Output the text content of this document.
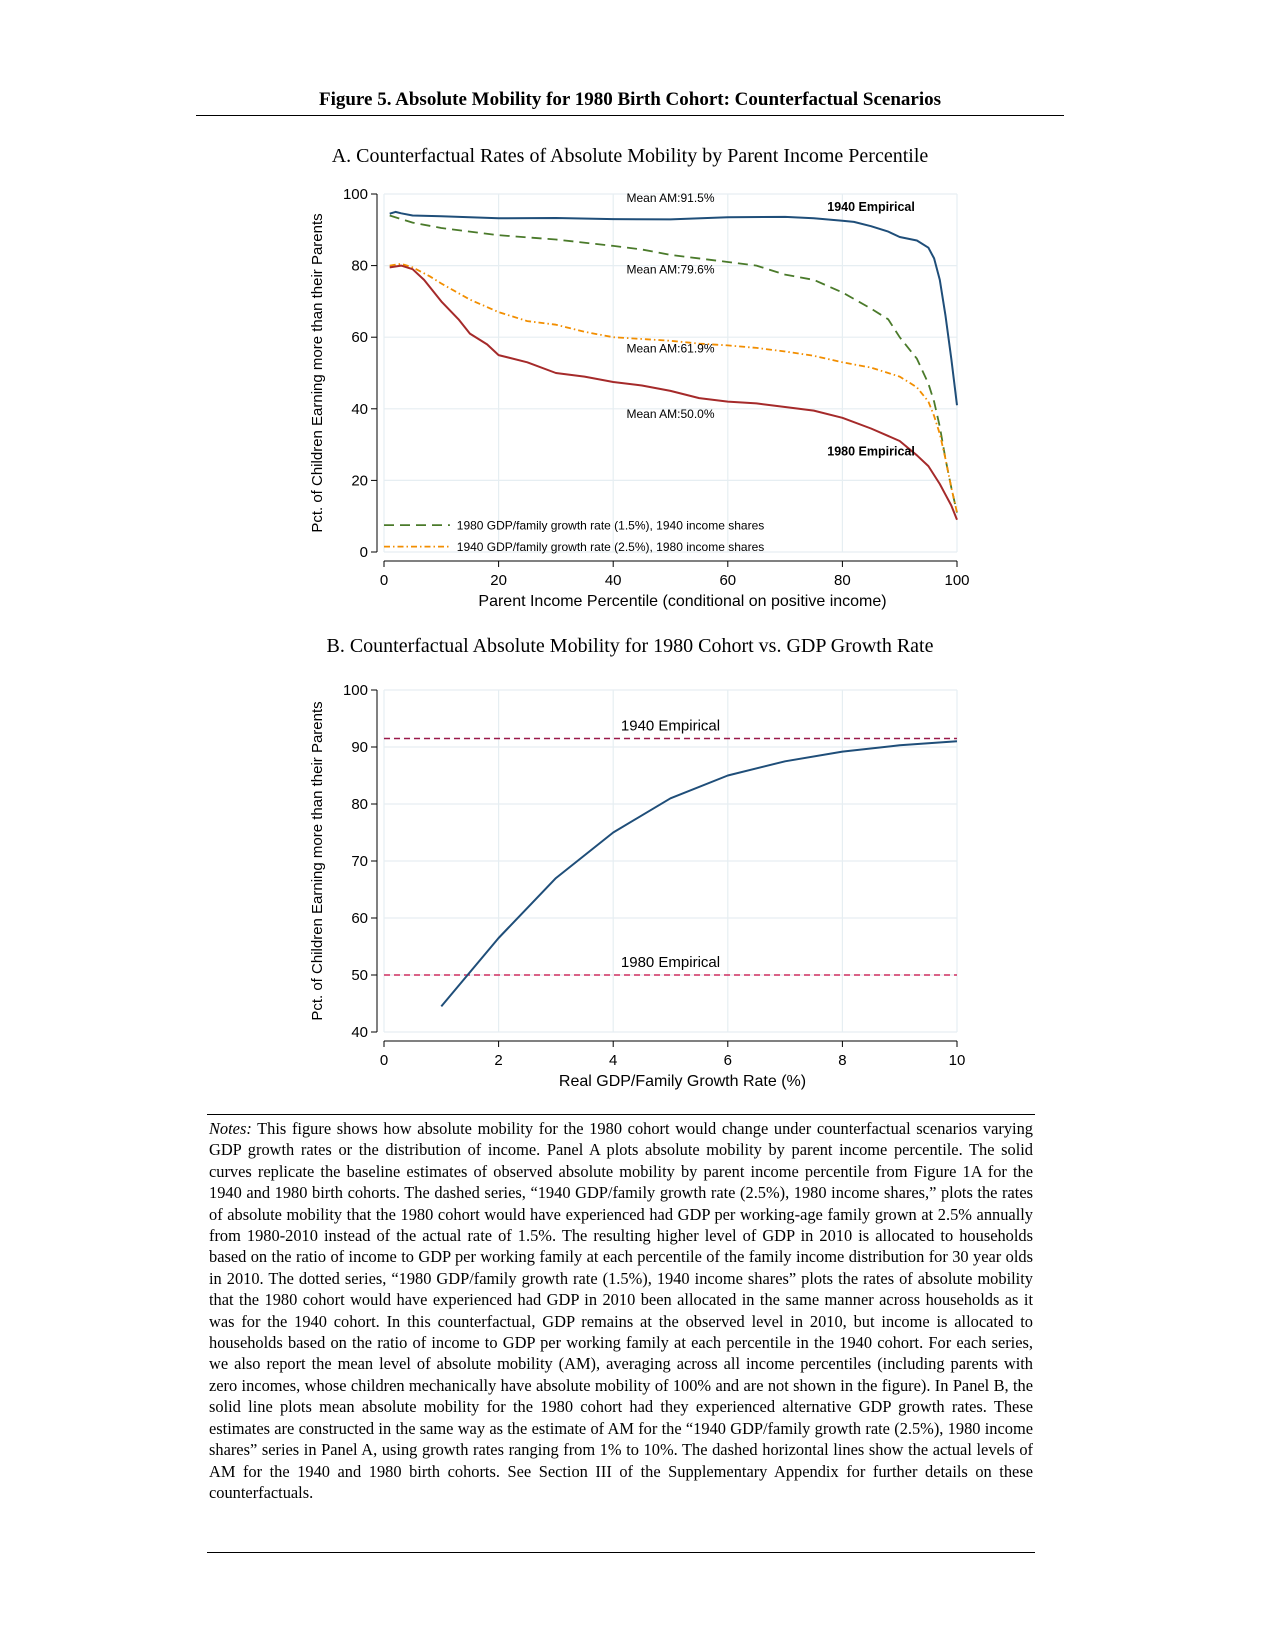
Figure 5. Absolute Mobility for 1980 Birth Cohort: Counterfactual Scenarios
A. Counterfactual Rates of Absolute Mobility by Parent Income Percentile
B. Counterfactual Absolute Mobility for 1980 Cohort vs. GDP Growth Rate
0
20
40
60
80
100
0	20	40	60	80	100
Parent Income Percentile (conditional on positive income)
Pct. of Children Earning more than their Parents
Mean AM:91.5%
Mean AM:79.6%
Mean AM:61.9%
Mean AM:50.0%
1940 Empirical
1980 Empirical
1980 GDP/family growth rate (1.5%), 1940 income shares
1940 GDP/family growth rate (2.5%), 1980 income shares
40
50
60
70
80
90
100
0	2	4	6	8	10
Real GDP/Family Growth Rate (%)
Pct. of Children Earning more than their Parents	1940 Empirical
1980 Empirical
Notes: This figure shows how absolute mobility for the 1980 cohort would change under counterfactual scenarios varying GDP growth rates or the distribution of income. Panel A plots absolute mobility by parent income percentile. The solid curves replicate the baseline estimates of observed absolute mobility by parent income percentile from Figure 1A for the 1940 and 1980 birth cohorts. The dashed series, “1940 GDP/family growth rate (2.5%), 1980 income shares,” plots the rates of absolute mobility that the 1980 cohort would have experienced had GDP per working-age family grown at 2.5% annually from 1980-2010 instead of the actual rate of 1.5%. The resulting higher level of GDP in 2010 is allocated to households based on the ratio of income to GDP per working family at each percentile of the family income distribution for 30 year olds in 2010. The dotted series, “1980 GDP/family growth rate (1.5%), 1940 income shares” plots the rates of absolute mobility that the 1980 cohort would have experienced had GDP in 2010 been allocated in the same manner across households as it was for the 1940 cohort. In this counterfactual, GDP remains at the observed level in 2010, but income is allocated to households based on the ratio of income to GDP per working family at each percentile in the 1940 cohort. For each series, we also report the mean level of absolute mobility (AM), averaging across all income percentiles (including parents with zero incomes, whose children mechanically have absolute mobility of 100% and are not shown in the figure). In Panel B, the solid line plots mean absolute mobility for the 1980 cohort had they experienced alternative GDP growth rates. These estimates are constructed in the same way as the estimate of AM for the “1940 GDP/family growth rate (2.5%), 1980 income shares” series in Panel A, using growth rates ranging from 1% to 10%. The dashed horizontal lines show the actual levels of AM for the 1940 and 1980 birth cohorts. See Section III of the Supplementary Appendix for further details on these counterfactuals.
